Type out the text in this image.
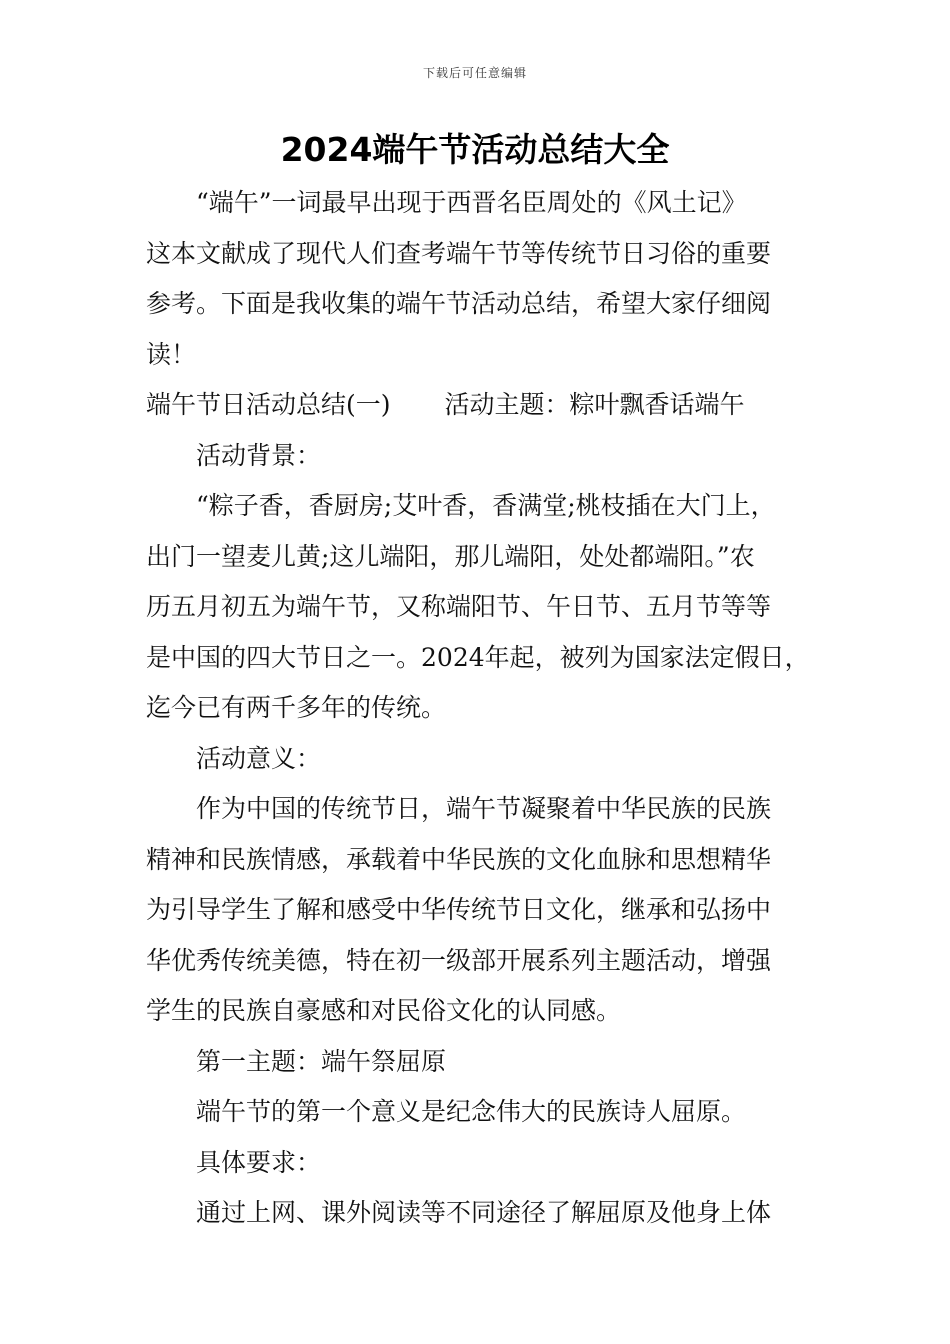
下载后可任意编辑
2024端午节活动总结大全
“端午”一词最早出现于西晋名臣周处的《风土记》
这本文献成了现代人们查考端午节等传统节日习俗的重要
参考。下面是我收集的端午节活动总结，希望大家仔细阅
读！
端午节日活动总结(一) 活动主题：粽叶飘香话端午
活动背景：
“粽子香，香厨房;艾叶香，香满堂;桃枝插在大门上，
出门一望麦儿黄;这儿端阳，那儿端阳，处处都端阳。”农
历五月初五为端午节，又称端阳节、午日节、五月节等等
是中国的四大节日之一。2024年起，被列为国家法定假日，
迄今已有两千多年的传统。
活动意义：
作为中国的传统节日，端午节凝聚着中华民族的民族
精神和民族情感，承载着中华民族的文化血脉和思想精华
为引导学生了解和感受中华传统节日文化，继承和弘扬中
华优秀传统美德，特在初一级部开展系列主题活动，增强
学生的民族自豪感和对民俗文化的认同感。
第一主题：端午祭屈原
端午节的第一个意义是纪念伟大的民族诗人屈原。
具体要求：
通过上网、课外阅读等不同途径了解屈原及他身上体
